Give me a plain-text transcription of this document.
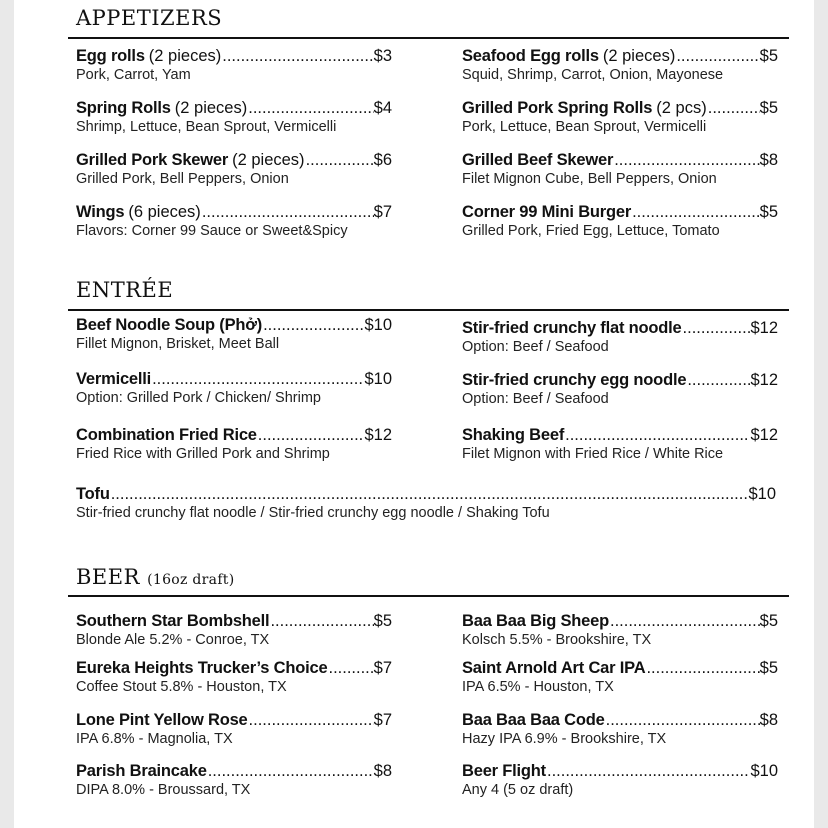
APPETIZERS
Egg rolls (2 pieces) .....	$3
Pork, Carrot, Yam
Seafood Egg rolls (2 pieces) .....	$5
Squid, Shrimp, Carrot, Onion, Mayonese
Spring Rolls (2 pieces) .....	$4
Shrimp, Lettuce, Bean Sprout, Vermicelli
Grilled Pork Spring Rolls (2 pcs) .....	$5
Pork, Lettuce, Bean Sprout, Vermicelli
Grilled Pork Skewer (2 pieces) .....	$6
Grilled Pork, Bell Peppers, Onion
Grilled Beef Skewer .....	$8
Filet Mignon Cube, Bell Peppers, Onion
Wings (6 pieces) .....	$7
Flavors: Corner 99 Sauce or Sweet&Spicy
Corner 99 Mini Burger .....	$5
Grilled Pork, Fried Egg, Lettuce, Tomato
ENTRÉE
Beef Noodle Soup (Phở) .....	$10
Fillet Mignon, Brisket, Meet Ball
Stir-fried crunchy flat noodle .....	$12
Option: Beef / Seafood
Vermicelli .....	$10
Option: Grilled Pork / Chicken/ Shrimp
Stir-fried crunchy egg noodle .....	$12
Option: Beef / Seafood
Combination Fried Rice .....	$12
Fried Rice with Grilled Pork and Shrimp
Shaking Beef .....	$12
Filet Mignon with Fried Rice / White Rice
Tofu .....	$10
Stir-fried crunchy flat noodle / Stir-fried crunchy egg noodle / Shaking Tofu
BEER (16oz draft)
Southern Star Bombshell .....	$5
Blonde Ale 5.2% - Conroe, TX
Baa Baa Big Sheep .....	$5
Kolsch 5.5% - Brookshire, TX
Eureka Heights Trucker’s Choice .....	$7
Coffee Stout 5.8% - Houston, TX
Saint Arnold Art Car IPA .....	$5
IPA 6.5% - Houston, TX
Lone Pint Yellow Rose .....	$7
IPA 6.8% - Magnolia, TX
Baa Baa Baa Code .....	$8
Hazy IPA 6.9% - Brookshire, TX
Parish Braincake .....	$8
DIPA 8.0% - Broussard, TX
Beer Flight .....	$10
Any 4 (5 oz draft)
